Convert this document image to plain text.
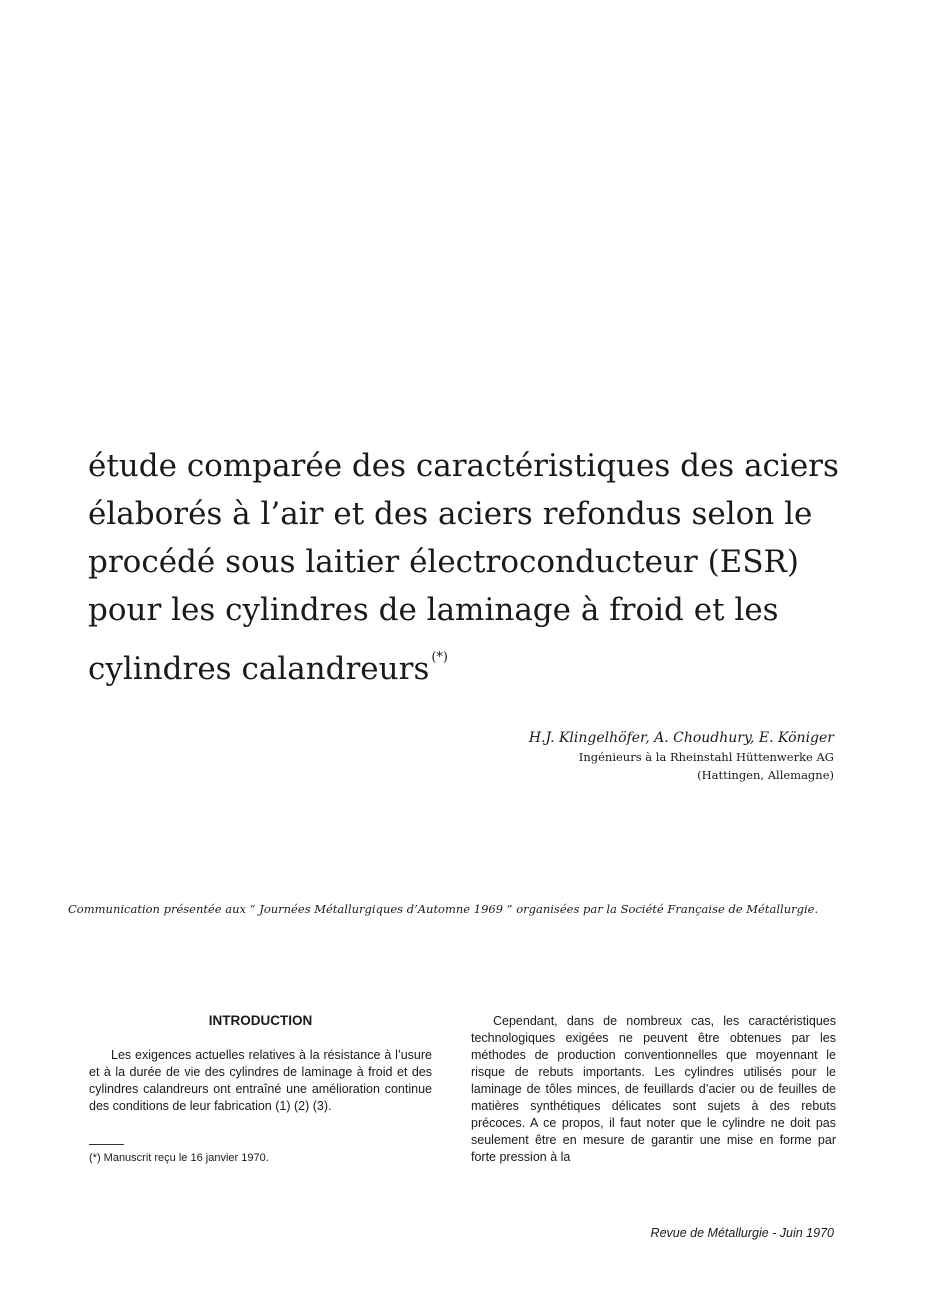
étude comparée des caractéristiques des aciers
élaborés à l’air et des aciers refondus selon le
procédé sous laitier électroconducteur (ESR)
pour les cylindres de laminage à froid et les
cylindres calandreurs (*)
H.J. Klingelhöfer, A. Choudhury, E. Königer
Ingénieurs à la Rheinstahl Hüttenwerke AG
(Hattingen, Allemagne)
Communication présentée aux “ Journées Métallurgiques d’Automne 1969 ” organisées par la Société Française de Métallurgie.
INTRODUCTION

Les exigences actuelles relatives à la résistance à l’usure et à la durée de vie des cylindres de laminage à froid et des cylindres calandreurs ont entraîné une amélioration continue des conditions de leur fabrication (1) (2) (3).

(*) Manuscrit reçu le 16 janvier 1970.

Cependant, dans de nombreux cas, les caractéristiques technologiques exigées ne peuvent être obtenues par les méthodes de production conventionnelles que moyennant le risque de rebuts importants. Les cylindres utilisés pour le laminage de tôles minces, de feuillards d’acier ou de feuilles de matières synthétiques délicates sont sujets à des rebuts précoces. A ce propos, il faut noter que le cylindre ne doit pas seulement être en mesure de garantir une mise en forme par forte pression à la

Revue de Métallurgie - Juin 1970
